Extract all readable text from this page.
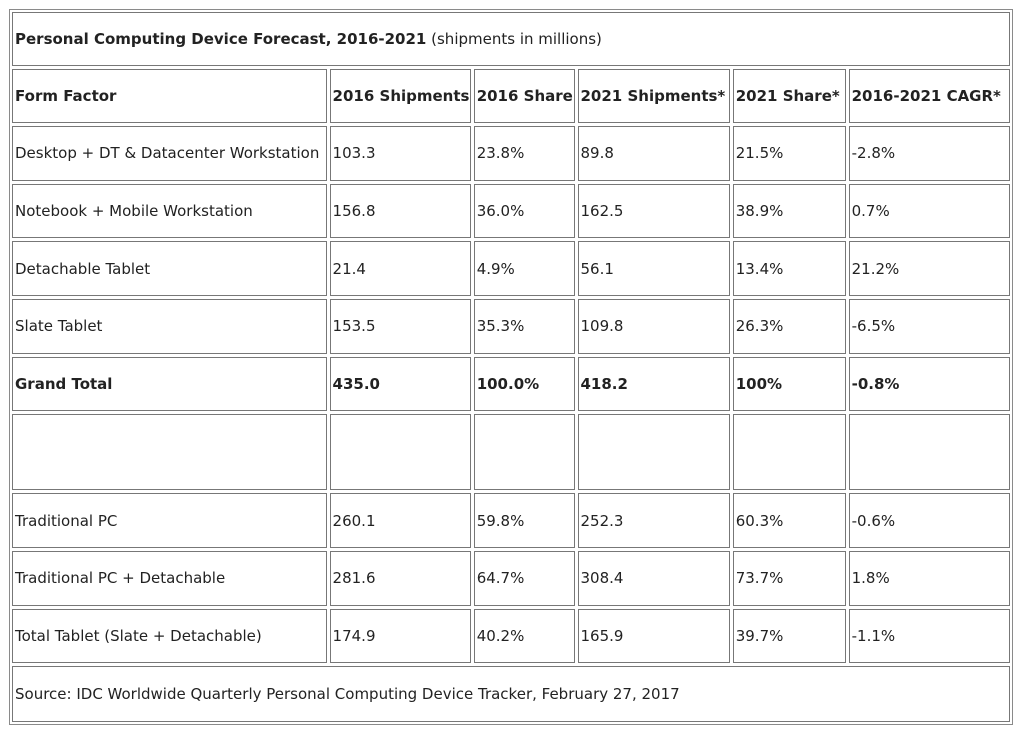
Personal Computing Device Forecast, 2016-2021 (shipments in millions)					
Form Factor	2016 Shipments	2016 Share	2021 Shipments*	2021 Share*	2016-2021 CAGR*
Desktop + DT & Datacenter Workstation	103.3	23.8%	89.8	21.5%	-2.8%
Notebook + Mobile Workstation	156.8	36.0%	162.5	38.9%	0.7%
Detachable Tablet	21.4	4.9%	56.1	13.4%	21.2%
Slate Tablet	153.5	35.3%	109.8	26.3%	-6.5%
Grand Total	435.0	100.0%	418.2	100%	-0.8%

Traditional PC	260.1	59.8%	252.3	60.3%	-0.6%
Traditional PC + Detachable	281.6	64.7%	308.4	73.7%	1.8%
Total Tablet (Slate + Detachable)	174.9	40.2%	165.9	39.7%	-1.1%
Source: IDC Worldwide Quarterly Personal Computing Device Tracker, February 27, 2017					
